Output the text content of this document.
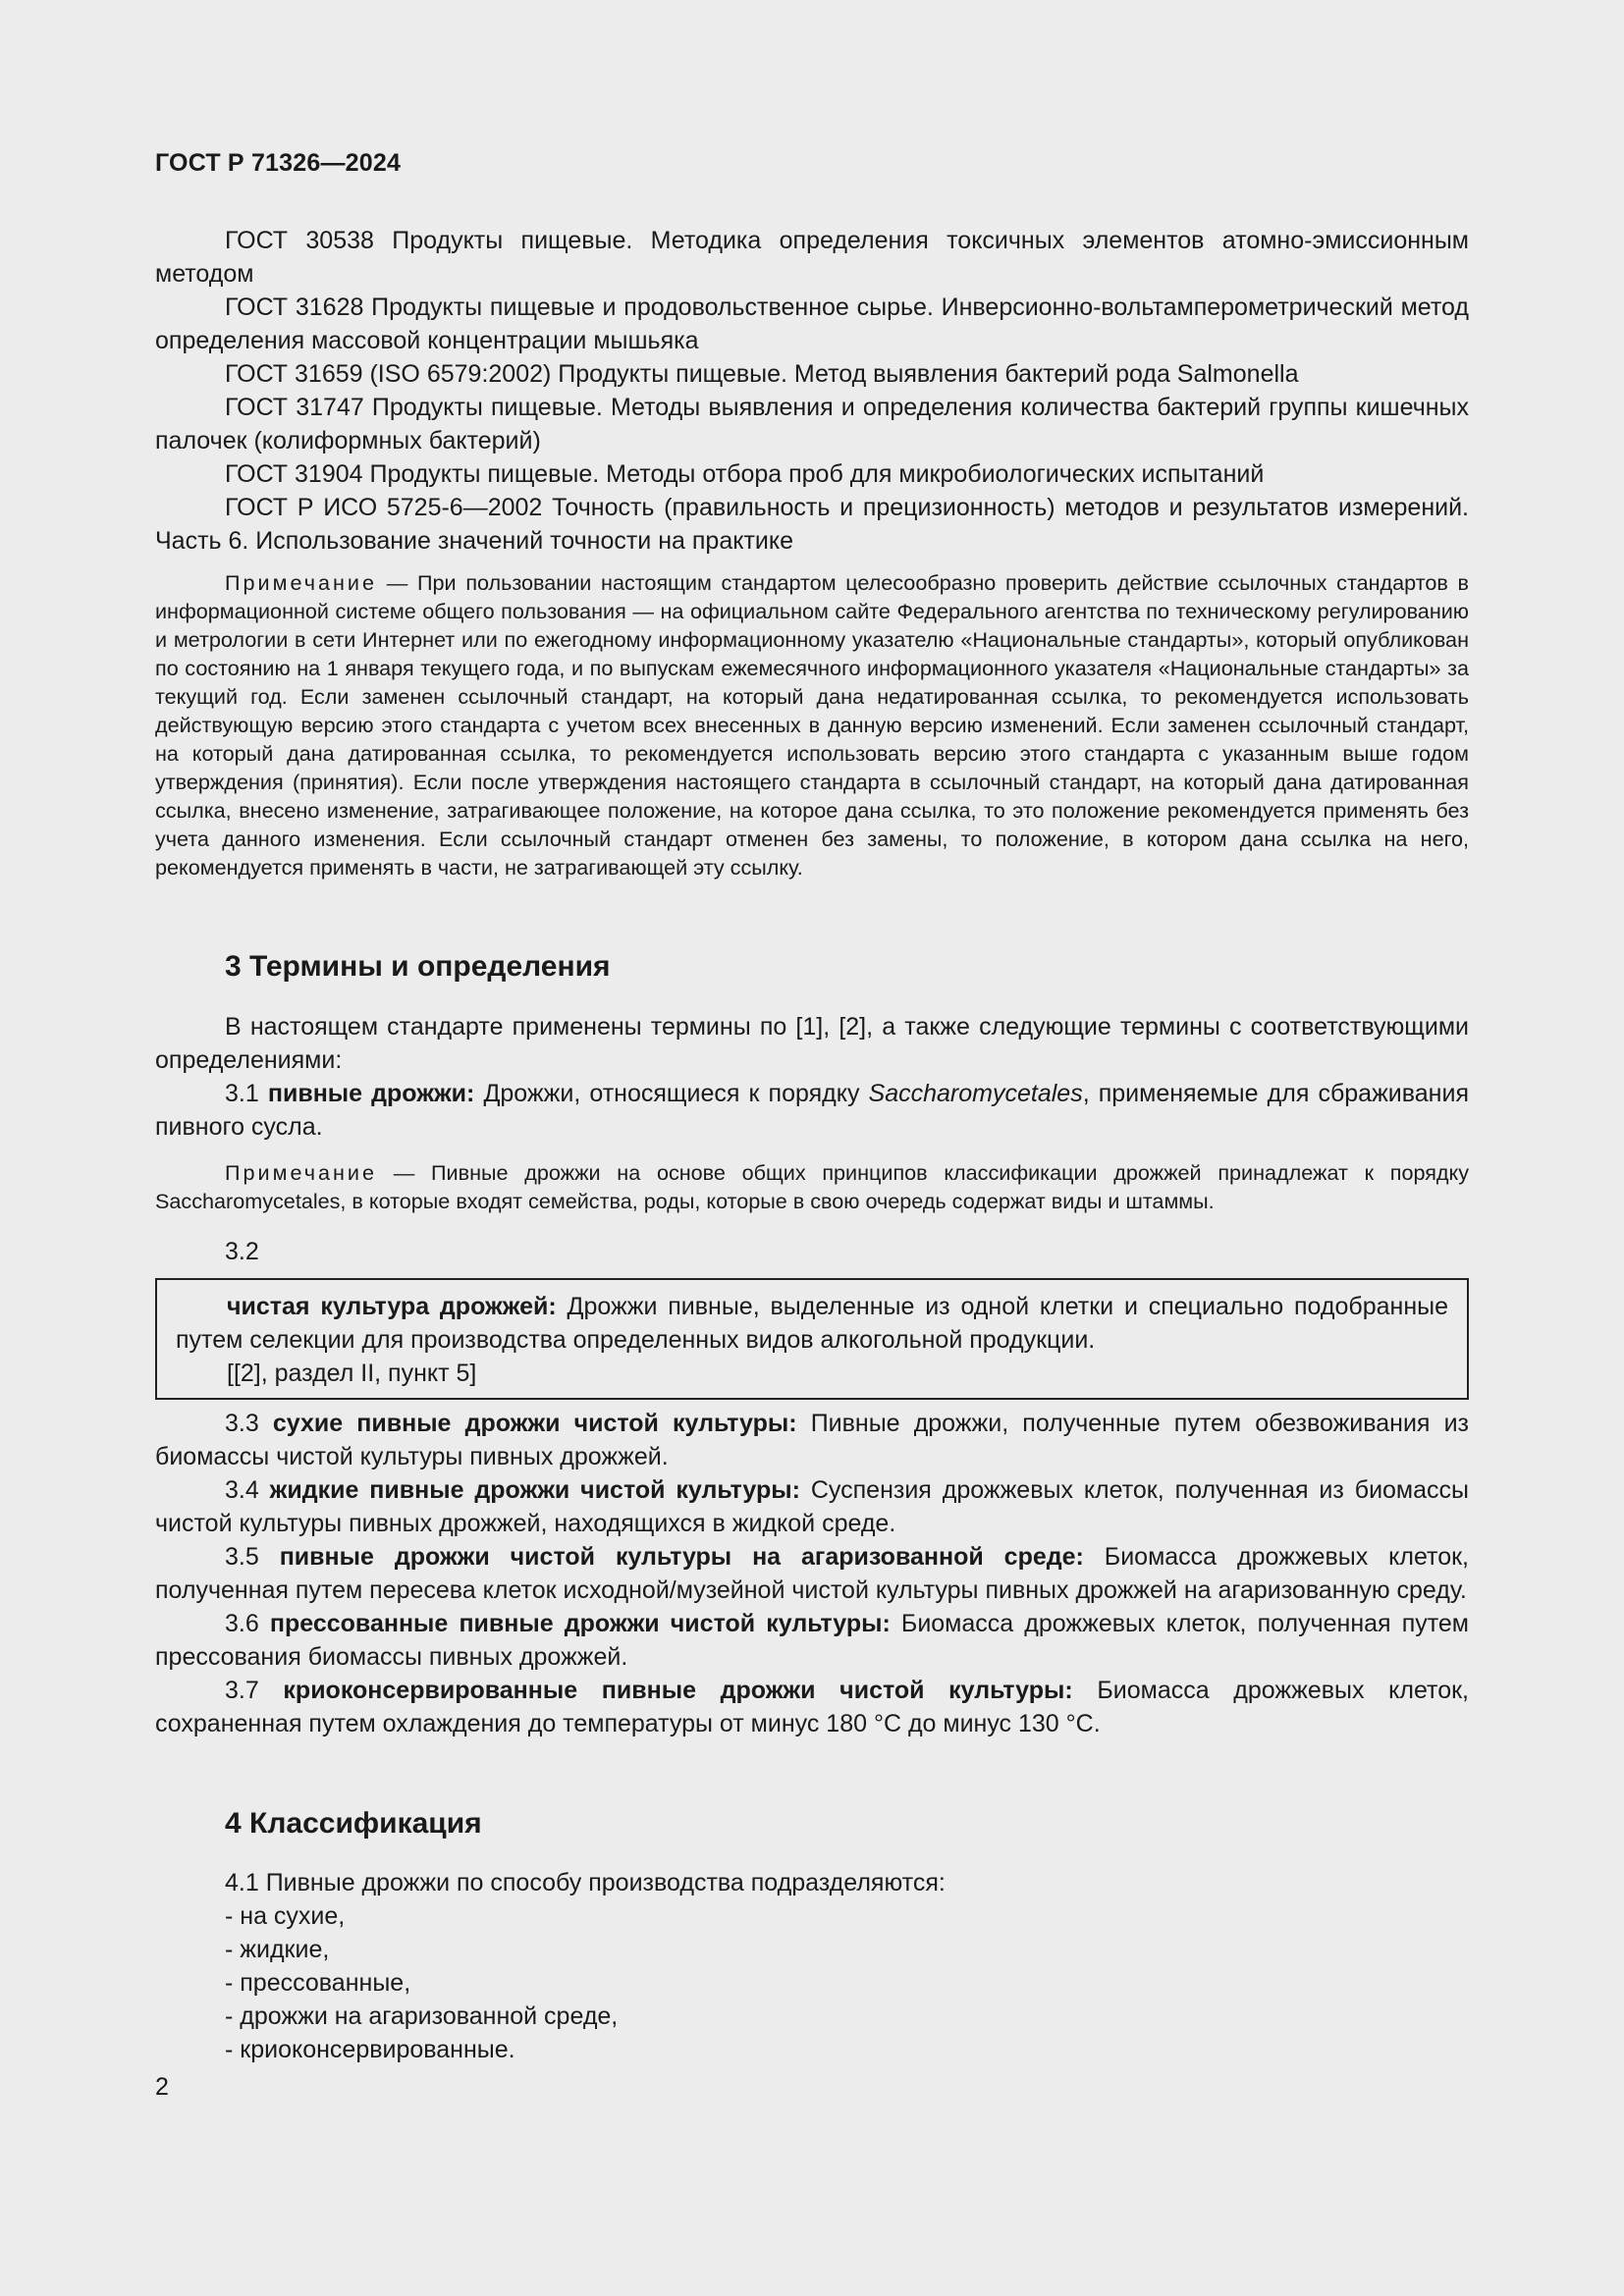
ГОСТ Р 71326—2024

ГОСТ 30538 Продукты пищевые. Методика определения токсичных элементов атомно-эмиссионным методом

ГОСТ 31628 Продукты пищевые и продовольственное сырье. Инверсионно-вольтамперометрический метод определения массовой концентрации мышьяка

ГОСТ 31659 (ISO 6579:2002) Продукты пищевые. Метод выявления бактерий рода Salmonella

ГОСТ 31747 Продукты пищевые. Методы выявления и определения количества бактерий группы кишечных палочек (колиформных бактерий)

ГОСТ 31904 Продукты пищевые. Методы отбора проб для микробиологических испытаний

ГОСТ Р ИСО 5725-6—2002 Точность (правильность и прецизионность) методов и результатов измерений. Часть 6. Использование значений точности на практике

Примечание — При пользовании настоящим стандартом целесообразно проверить действие ссылочных стандартов в информационной системе общего пользования — на официальном сайте Федерального агентства по техническому регулированию и метрологии в сети Интернет или по ежегодному информационному указателю «Национальные стандарты», который опубликован по состоянию на 1 января текущего года, и по выпускам ежемесячного информационного указателя «Национальные стандарты» за текущий год. Если заменен ссылочный стандарт, на который дана недатированная ссылка, то рекомендуется использовать действующую версию этого стандарта с учетом всех внесенных в данную версию изменений. Если заменен ссылочный стандарт, на который дана датированная ссылка, то рекомендуется использовать версию этого стандарта с указанным выше годом утверждения (принятия). Если после утверждения настоящего стандарта в ссылочный стандарт, на который дана датированная ссылка, внесено изменение, затрагивающее положение, на которое дана ссылка, то это положение рекомендуется применять без учета данного изменения. Если ссылочный стандарт отменен без замены, то положение, в котором дана ссылка на него, рекомендуется применять в части, не затрагивающей эту ссылку.

3 Термины и определения

В настоящем стандарте применены термины по [1], [2], а также следующие термины с соответствующими определениями:

3.1 пивные дрожжи: Дрожжи, относящиеся к порядку Saccharomycetales, применяемые для сбраживания пивного сусла.

Примечание — Пивные дрожжи на основе общих принципов классификации дрожжей принадлежат к порядку Saccharomycetales, в которые входят семейства, роды, которые в свою очередь содержат виды и штаммы.

3.2

чистая культура дрожжей: Дрожжи пивные, выделенные из одной клетки и специально подобранные путем селекции для производства определенных видов алкогольной продукции.

[[2], раздел II, пункт 5]

3.3 сухие пивные дрожжи чистой культуры: Пивные дрожжи, полученные путем обезвоживания из биомассы чистой культуры пивных дрожжей.

3.4 жидкие пивные дрожжи чистой культуры: Суспензия дрожжевых клеток, полученная из биомассы чистой культуры пивных дрожжей, находящихся в жидкой среде.

3.5 пивные дрожжи чистой культуры на агаризованной среде: Биомасса дрожжевых клеток, полученная путем пересева клеток исходной/музейной чистой культуры пивных дрожжей на агаризованную среду.

3.6 прессованные пивные дрожжи чистой культуры: Биомасса дрожжевых клеток, полученная путем прессования биомассы пивных дрожжей.

3.7 криоконсервированные пивные дрожжи чистой культуры: Биомасса дрожжевых клеток, сохраненная путем охлаждения до температуры от минус 180 °С до минус 130 °С.

4 Классификация

4.1 Пивные дрожжи по способу производства подразделяются:

- на сухие,

- жидкие,

- прессованные,

- дрожжи на агаризованной среде,

- криоконсервированные.

2
